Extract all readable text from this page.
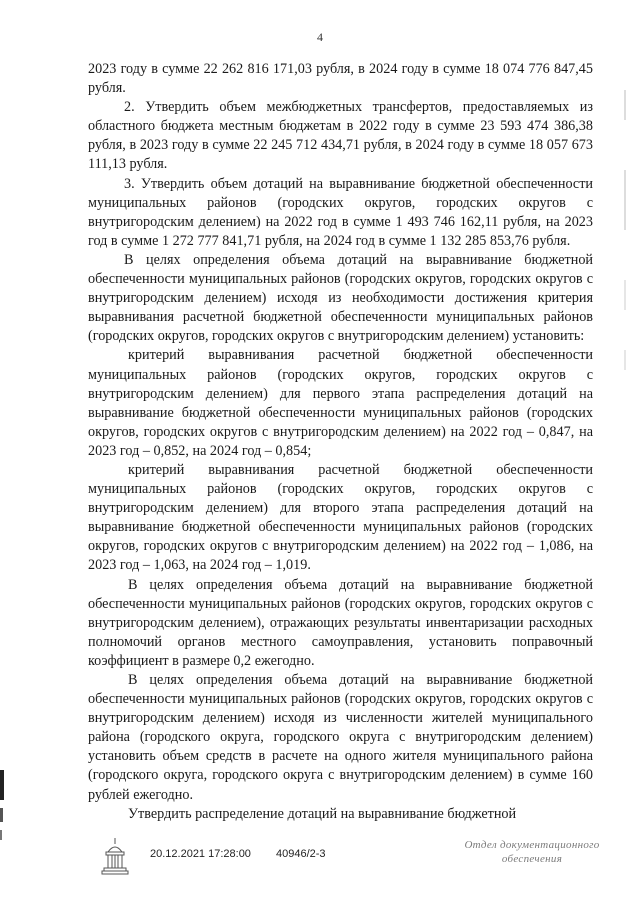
4

2023 году в сумме 22 262 816 171,03 рубля, в 2024 году в сумме 18 074 776 847,45 рубля.

2. Утвердить объем межбюджетных трансфертов, предоставляемых из областного бюджета местным бюджетам в 2022 году в сумме 23 593 474 386,38 рубля, в 2023 году в сумме 22 245 712 434,71 рубля, в 2024 году в сумме 18 057 673 111,13 рубля.

3. Утвердить объем дотаций на выравнивание бюджетной обеспеченности муниципальных районов (городских округов, городских округов с внутригородским делением) на 2022 год в сумме 1 493 746 162,11 рубля, на 2023 год в сумме 1 272 777 841,71 рубля, на 2024 год в сумме 1 132 285 853,76 рубля.

В целях определения объема дотаций на выравнивание бюджетной обеспеченности муниципальных районов (городских округов, городских округов с внутригородским делением) исходя из необходимости достижения критерия выравнивания расчетной бюджетной обеспеченности муниципальных районов (городских округов, городских округов с внутригородским делением) установить:

критерий выравнивания расчетной бюджетной обеспеченности муниципальных районов (городских округов, городских округов с внутригородским делением) для первого этапа распределения дотаций на выравнивание бюджетной обеспеченности муниципальных районов (городских округов, городских округов с внутригородским делением) на 2022 год – 0,847, на 2023 год – 0,852, на 2024 год – 0,854;

критерий выравнивания расчетной бюджетной обеспеченности муниципальных районов (городских округов, городских округов с внутригородским делением) для второго этапа распределения дотаций на выравнивание бюджетной обеспеченности муниципальных районов (городских округов, городских округов с внутригородским делением) на 2022 год – 1,086, на 2023 год – 1,063, на 2024 год – 1,019.

В целях определения объема дотаций на выравнивание бюджетной обеспеченности муниципальных районов (городских округов, городских округов с внутригородским делением), отражающих результаты инвентаризации расходных полномочий органов местного самоуправления, установить поправочный коэффициент в размере 0,2 ежегодно.

В целях определения объема дотаций на выравнивание бюджетной обеспеченности муниципальных районов (городских округов, городских округов с внутригородским делением) исходя из численности жителей муниципального района (городского округа, городского округа с внутригородским делением) установить объем средств в расчете на одного жителя муниципального района (городского округа, городского округа с внутригородским делением) в сумме 160 рублей ежегодно.

Утвердить распределение дотаций на выравнивание бюджетной

20.12.2021 17:28:00 40946/2-3
Отдел документационного
обеспечения
